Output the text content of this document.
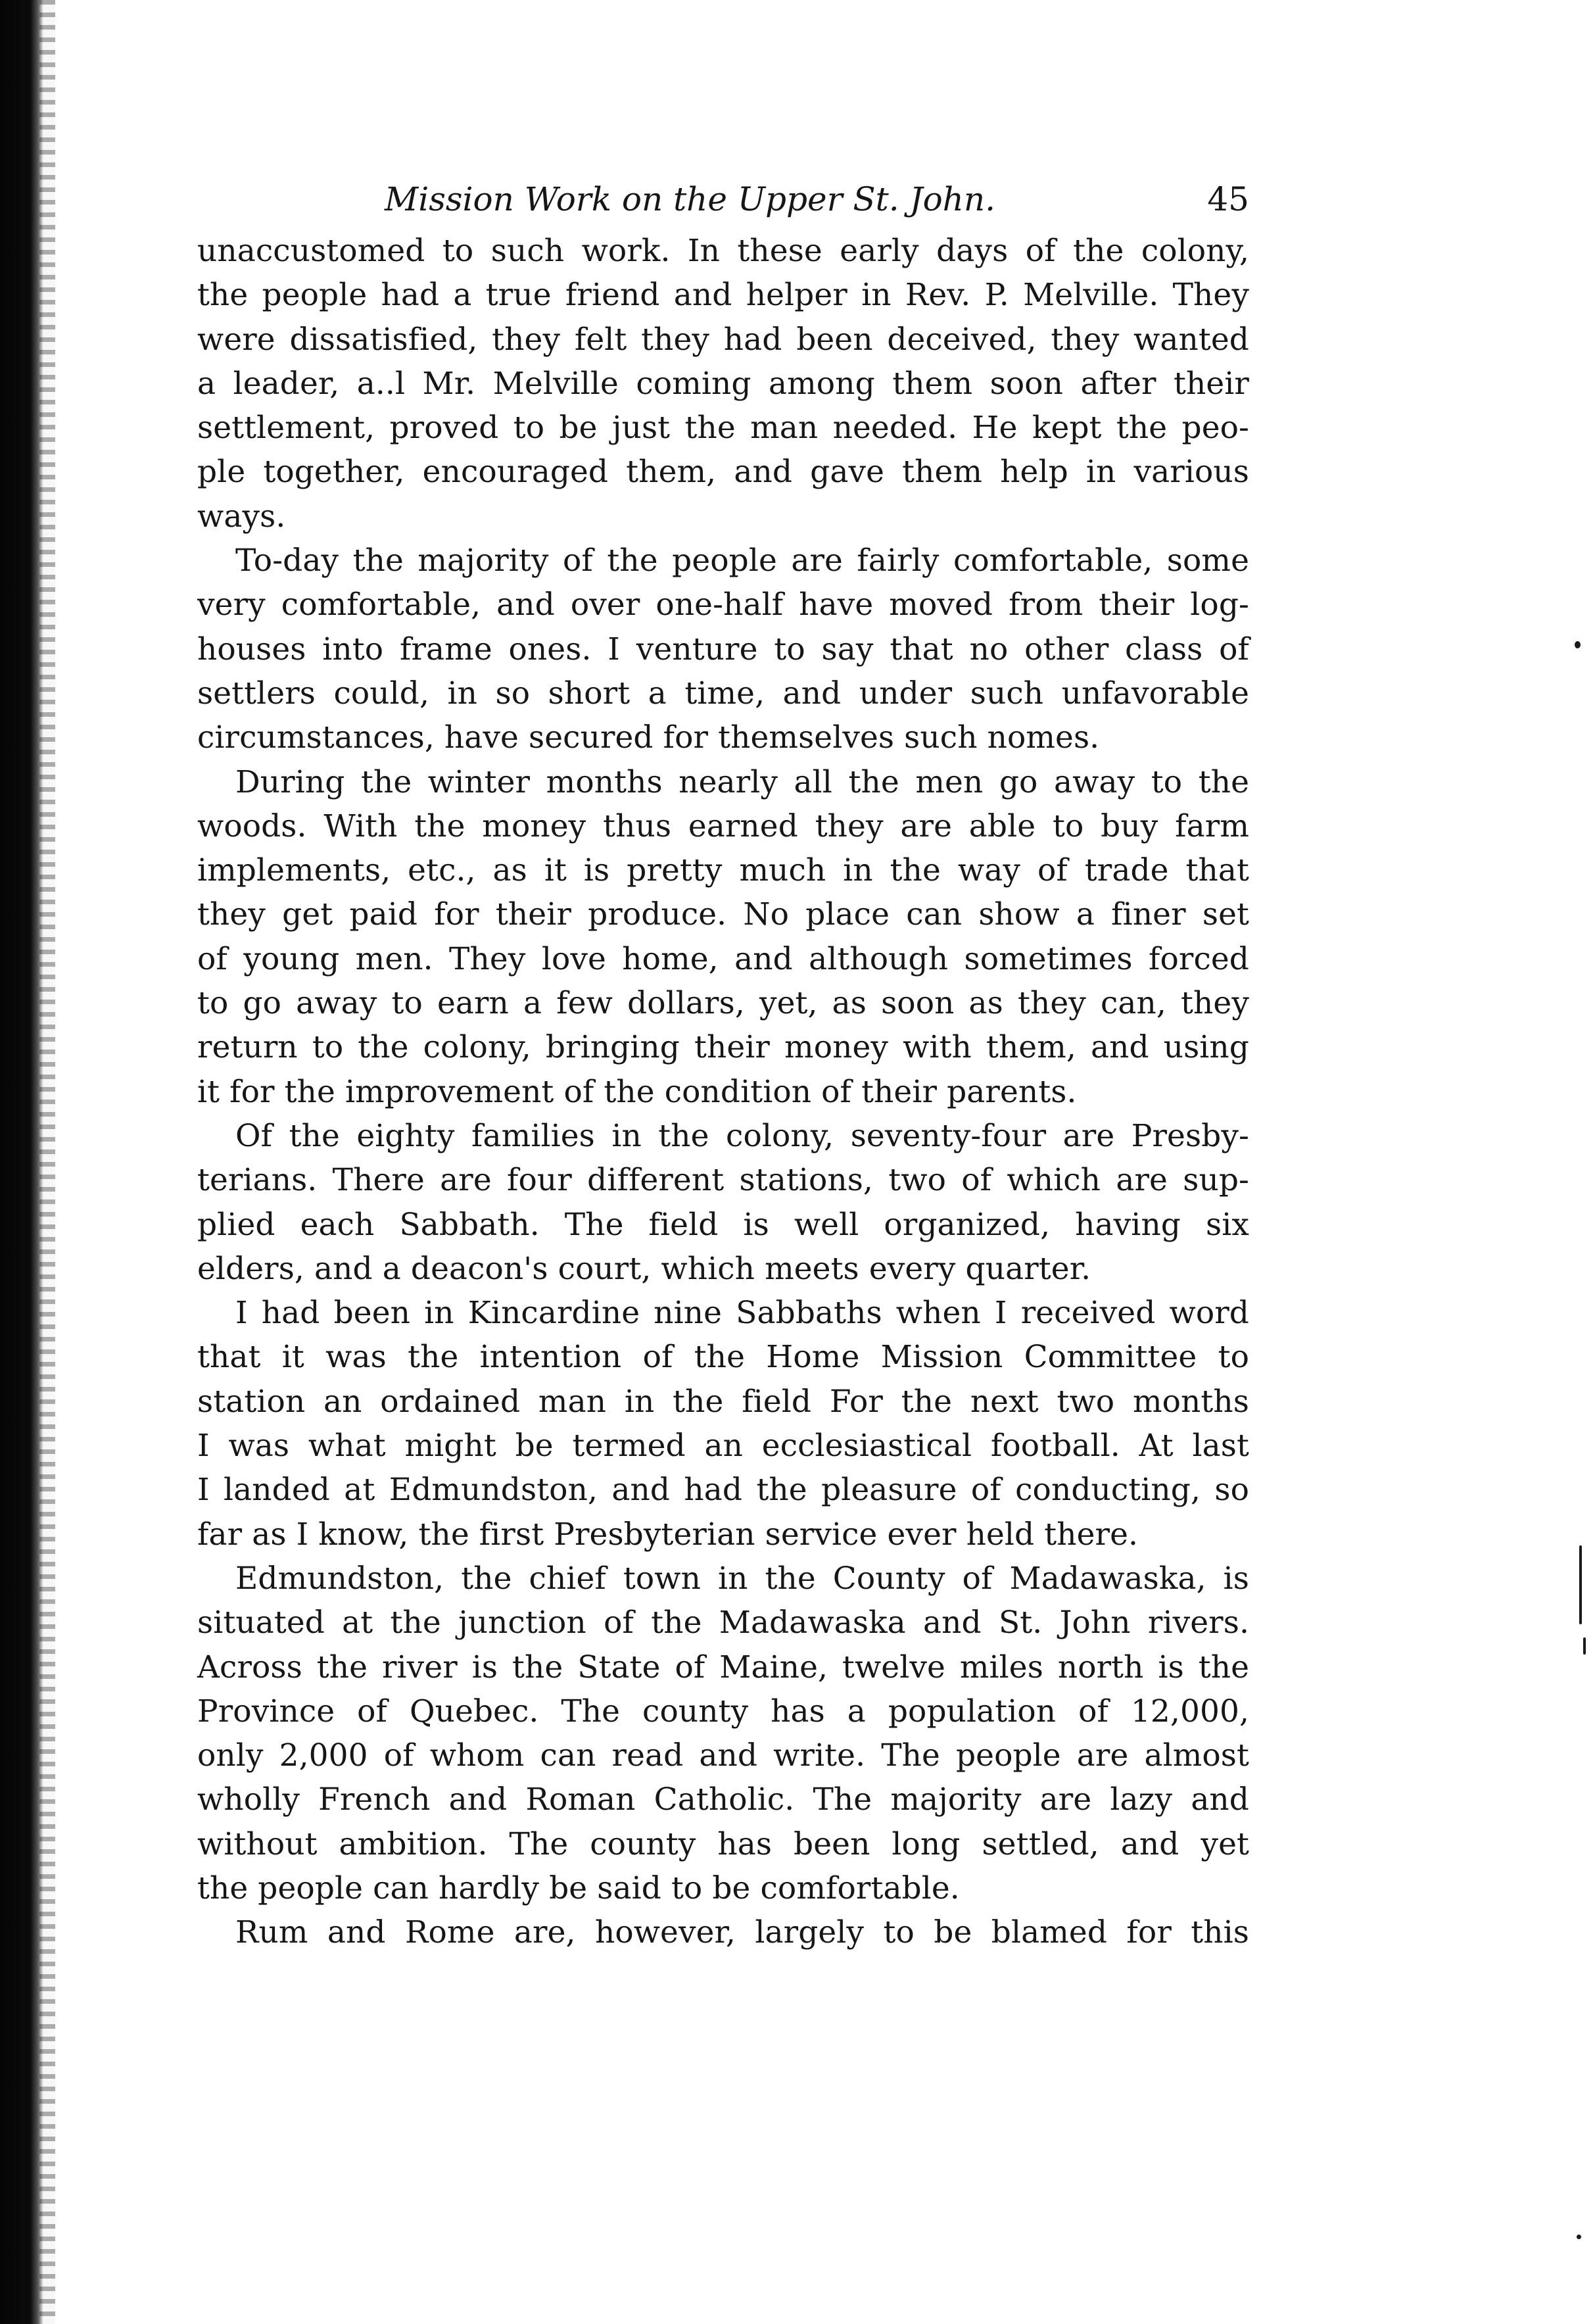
Mission Work on the Upper St. John.	45
unaccustomed to such work. In these early days of the colony,
the people had a true friend and helper in Rev. P. Melville. They
were dissatisfied, they felt they had been deceived, they wanted
a leader, a..l Mr. Melville coming among them soon after their
settlement, proved to be just the man needed. He kept the peo-
ple together, encouraged them, and gave them help in various
ways.
To-day the majority of the people are fairly comfortable, some
very comfortable, and over one-half have moved from their log-
houses into frame ones. I venture to say that no other class of
settlers could, in so short a time, and under such unfavorable
circumstances, have secured for themselves such nomes.
During the winter months nearly all the men go away to the
woods. With the money thus earned they are able to buy farm
implements, etc., as it is pretty much in the way of trade that
they get paid for their produce. No place can show a finer set
of young men. They love home, and although sometimes forced
to go away to earn a few dollars, yet, as soon as they can, they
return to the colony, bringing their money with them, and using
it for the improvement of the condition of their parents.
Of the eighty families in the colony, seventy-four are Presby-
terians. There are four different stations, two of which are sup-
plied each Sabbath. The field is well organized, having six
elders, and a deacon's court, which meets every quarter.
I had been in Kincardine nine Sabbaths when I received word
that it was the intention of the Home Mission Committee to
station an ordained man in the field For the next two months
I was what might be termed an ecclesiastical football. At last
I landed at Edmundston, and had the pleasure of conducting, so
far as I know, the first Presbyterian service ever held there.
Edmundston, the chief town in the County of Madawaska, is
situated at the junction of the Madawaska and St. John rivers.
Across the river is the State of Maine, twelve miles north is the
Province of Quebec. The county has a population of 12,000,
only 2,000 of whom can read and write. The people are almost
wholly French and Roman Catholic. The majority are lazy and
without ambition. The county has been long settled, and yet
the people can hardly be said to be comfortable.
Rum and Rome are, however, largely to be blamed for this
